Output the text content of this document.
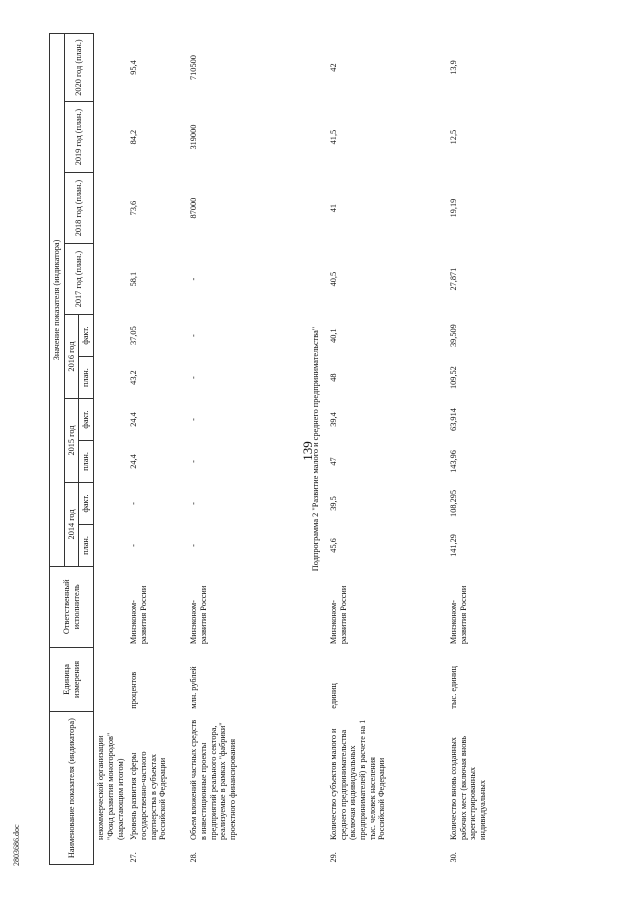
139
Наименование показателя (индикатора)		Единица измерения	Ответственный исполнитель	Значение показателя (индикатора)									
				2014 год		2015 год		2016 год		2017 год (план.)	2018 год (план.)	2019 год (план.)	2020 год (план.)
				план.	факт.	план.	факт.	план.	факт.				
	некоммерческой организации "Фонд развития моногородов" (нарастающим итогом)												
27.	Уровень развития сферы государственно-частного партнерства в субъектах Российской Федерации	процентов	Минэконом-развития России	-	-	24,4	24,4	43,2	37,05	58,1	73,6	84,2	95,4
28.	Объем вложений частных средств в инвестиционные проекты предприятий реального сектора, реализуемые в рамках "фабрики" проектного финансирования	млн. рублей	Минэконом-развития России	-	-	-	-	-	-	-	87000	319000	710500
Подпрограмма 2 "Развитие малого и среднего предпринимательства"													
29.	Количество субъектов малого и среднего предпринимательства (включая индивидуальных предпринимателей) в расчете на 1 тыс. человек населения Российской Федерации	единиц	Минэконом-развития России	45,6	39,5	47	39,4	48	40,1	40,5	41	41,5	42
30.	Количество вновь созданных рабочих мест (включая вновь зарегистрированных индивидуальных	тыс. единиц	Минэконом-развития России	141,29	108,295	143,96	63,914	109,52	39,509	27,871	19,19	12,5	13,9
2803686.doc
